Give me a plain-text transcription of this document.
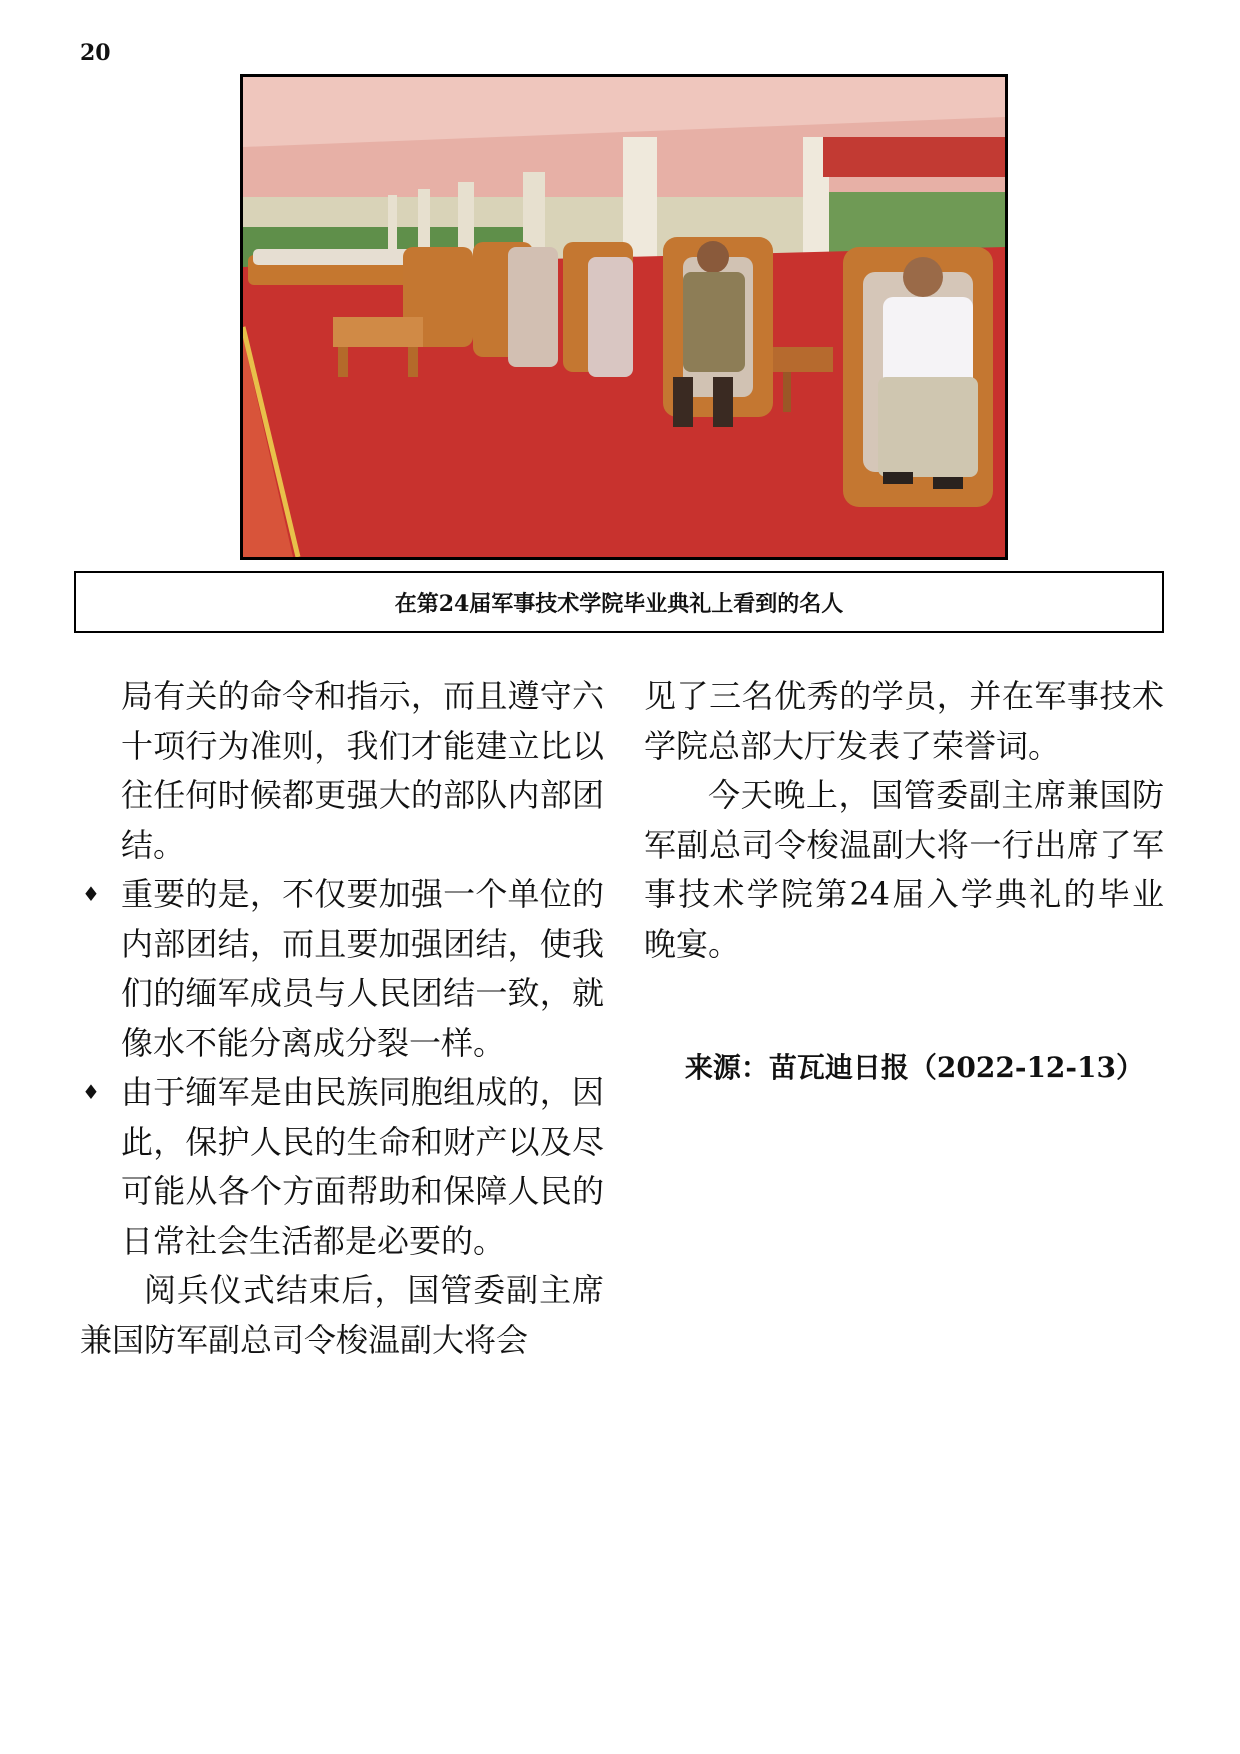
20
在第24届军事技术学院毕业典礼上看到的名人

局有关的命令和指示，而且遵守六十项行为准则，我们才能建立比以往任何时候都更强大的部队内部团结。

♦ 重要的是，不仅要加强一个单位的内部团结，而且要加强团结，使我们的缅军成员与人民团结一致，就像水不能分离成分裂一样。

♦ 由于缅军是由民族同胞组成的，因此，保护人民的生命和财产以及尽可能从各个方面帮助和保障人民的日常社会生活都是必要的。

阅兵仪式结束后，国管委副主席兼国防军副总司令梭温副大将会

见了三名优秀的学员，并在军事技术学院总部大厅发表了荣誉词。

今天晚上，国管委副主席兼国防军副总司令梭温副大将一行出席了军事技术学院第24届入学典礼的毕业晚宴。

来源：苗瓦迪日报（2022-12-13）
